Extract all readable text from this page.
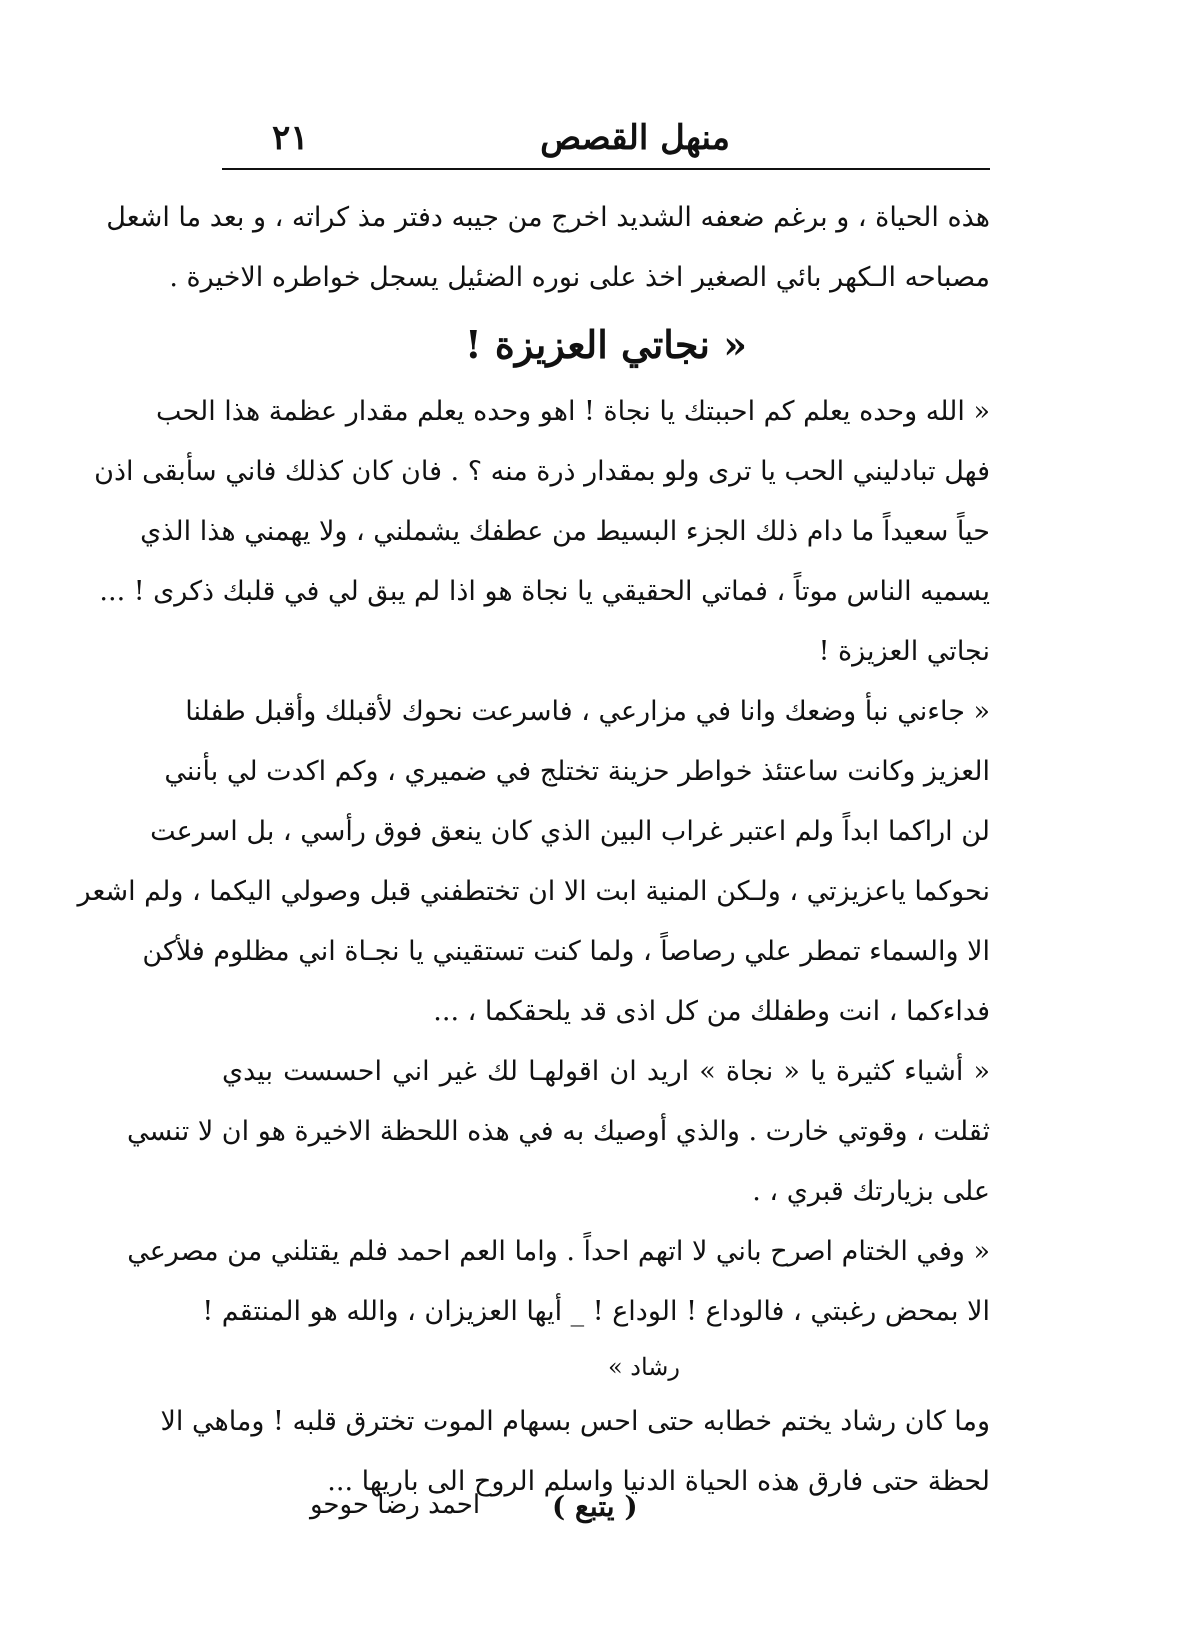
٢١	منهل القصص
هذه الحياة ، و برغم ضعفه الشديد اخرج من جيبه دفتر مذ كراته ، و بعد ما اشعل
مصباحه الـكهر بائي الصغير اخذ على نوره الضئيل يسجل خواطره الاخيرة .
« نجاتي العزيزة !
« الله وحده يعلم كم احببتك يا نجاة ! اهو وحده يعلم مقدار عظمة هذا الحب
فهل تبادليني الحب يا ترى ولو بمقدار ذرة منه ؟ . فان كان كذلك فاني سأبقى اذن
حياً سعيداً ما دام ذلك الجزء البسيط من عطفك يشملني ، ولا يهمني هذا الذي
يسميه الناس موتاً ، فماتي الحقيقي يا نجاة هو اذا لم يبق لي في قلبك ذكرى ! ...
نجاتي العزيزة !
« جاءني نبأ وضعك وانا في مزارعي ، فاسرعت نحوك لأقبلك وأقبل طفلنا
العزيز وكانت ساعتئذ خواطر حزينة تختلج في ضميري ، وكم اكدت لي بأنني
لن اراكما ابداً ولم اعتبر غراب البين الذي كان ينعق فوق رأسي ، بل اسرعت
نحوكما ياعزيزتي ، ولـكن المنية ابت الا ان تختطفني قبل وصولي اليكما ، ولم اشعر
الا والسماء تمطر علي رصاصاً ، ولما كنت تستقيني يا نجـاة اني مظلوم فلأكن
فداءكما ، انت وطفلك من كل اذى قد يلحقكما ، ...
« أشياء كثيرة يا « نجاة » اريد ان اقولهـا لك غير اني احسست بيدي
ثقلت ، وقوتي خارت . والذي أوصيك به في هذه اللحظة الاخيرة هو ان لا تنسي
على بزيارتك قبري ، .
« وفي الختام اصرح باني لا اتهم احداً . واما العم احمد فلم يقتلني من مصرعي
الا بمحض رغبتي ، فالوداع ! الوداع ! _ أيها العزيزان ، والله هو المنتقم !
رشاد »
وما كان رشاد يختم خطابه حتى احس بسهام الموت تخترق قلبه ! وماهي الا
لحظة حتى فارق هذه الحياة الدنيا واسلم الروح الى باريها ...
( يتبع )
احمد رضا حوحو
